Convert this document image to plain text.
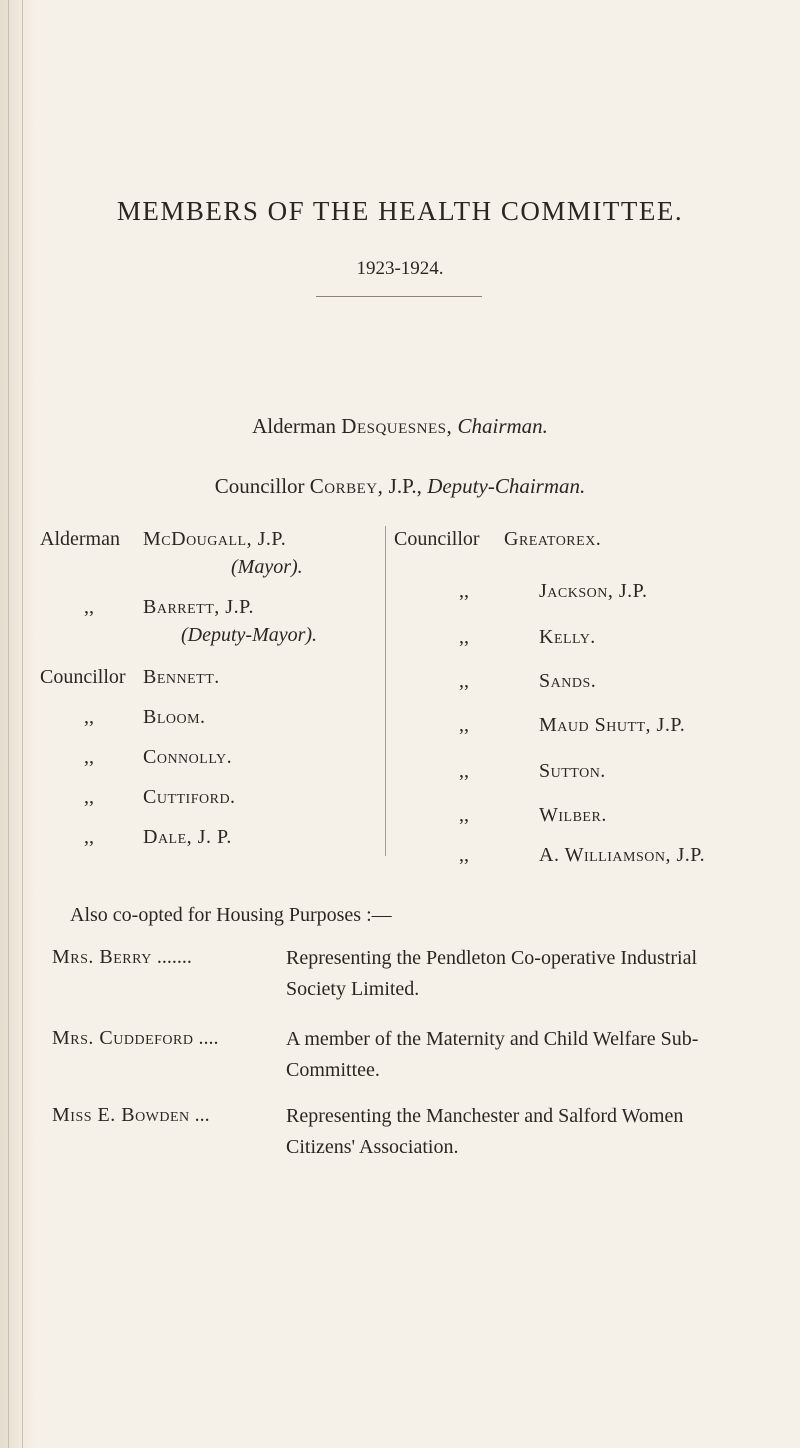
MEMBERS OF THE HEALTH COMMITTEE.
1923-1924.
Alderman Desquesnes, Chairman.
Councillor Corbey, J.P., Deputy-Chairman.
Alderman McDougall, J.P.
(Mayor).
,, Barrett, J.P.
(Deputy-Mayor).
Councillor Bennett.
,, Bloom.
,, Connolly.
,, Cuttiford.
,, Dale, J. P.
Councillor Greatorex.
,,	Jackson, J.P.
,,	Kelly.
,,	Sands.
,,	Maud Shutt, J.P.
,,	Sutton.
,,	Wilber.
,,	A. Williamson, J.P.
Also co-opted for Housing Purposes :—
Mrs. Berry .......	Representing the Pendleton Co-operative Industrial Society Limited.
Mrs. Cuddeford ....	A member of the Maternity and Child Welfare Sub-Committee.
Miss E. Bowden ...	Representing the Manchester and Salford Women Citizens' Association.
